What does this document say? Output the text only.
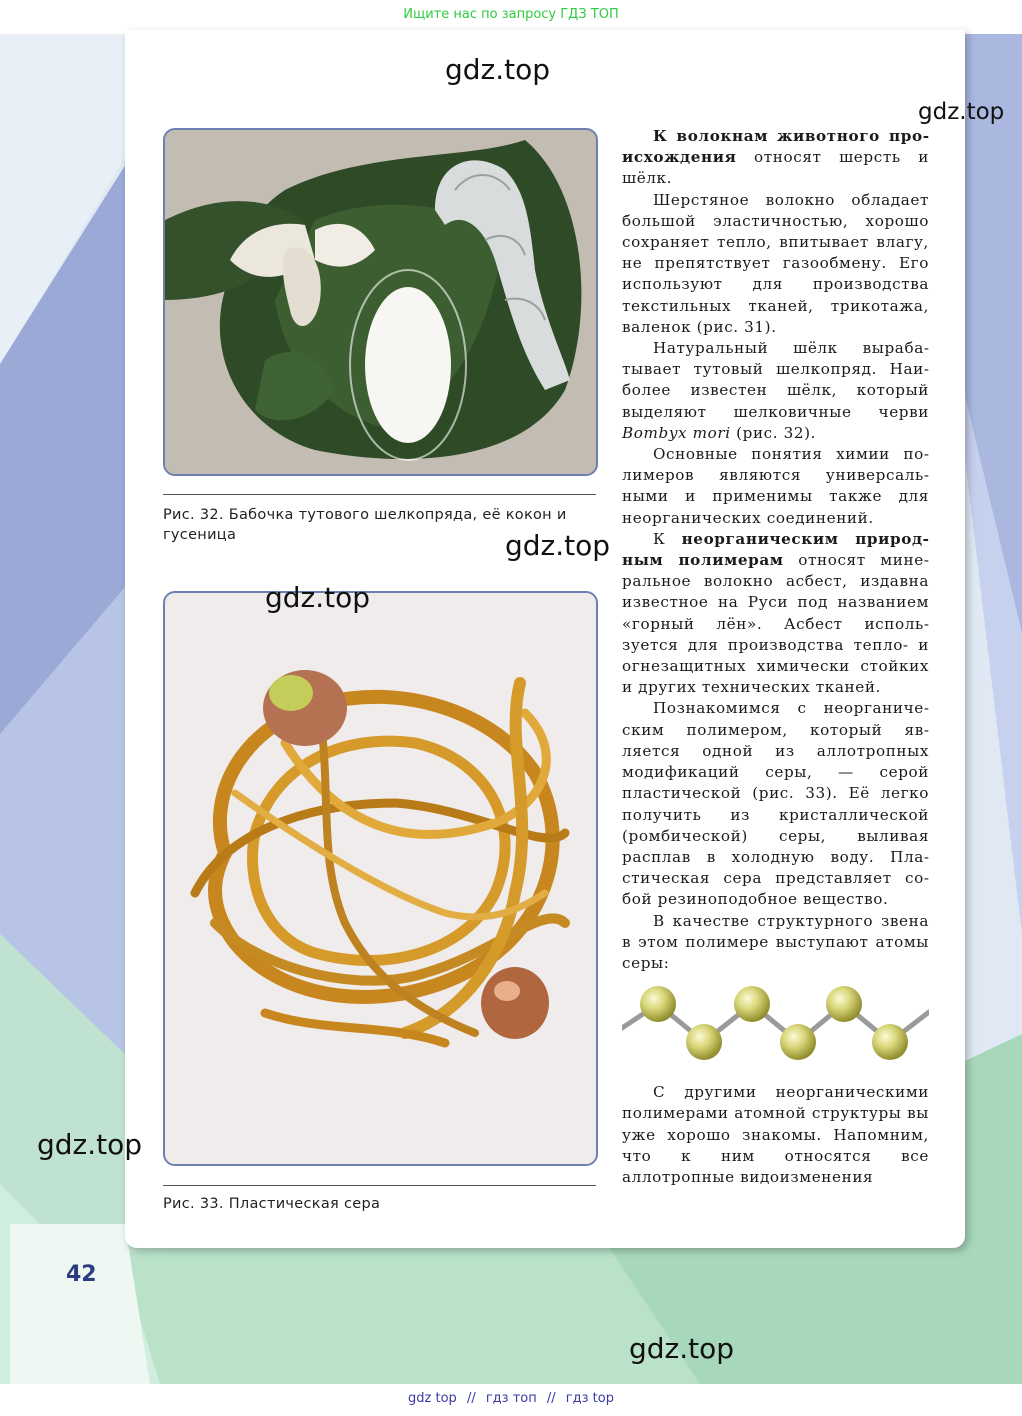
Ищите нас по запросу ГДЗ ТОП
Рис. 32. Бабочка тутового шелкопряда, её кокон и гусеница
Рис. 33. Пластическая сера

К волокнам животного происхождения относят шерсть и шёлк.

Шерстяное волокно обладает большой эластичностью, хорошо сохраняет тепло, впитывает влагу, не препятствует газообмену. Его используют для производства текстильных тканей, трикотажа, валенок (рис. 31).

Натуральный шёлк вырабатывает тутовый шелкопряд. Наиболее известен шёлк, который выделяют шелковичные черви Bombyx mori (рис. 32).

Основные понятия химии полимеров являются универсальными и применимы также для неорганических соединений.

К неорганическим природным полимерам относят минеральное волокно асбест, издавна известное на Руси под названием «горный лён». Асбест используется для производства тепло- и огнезащитных химически стойких и других технических тканей.

Познакомимся с неорганическим полимером, который является одной из аллотропных модификаций серы, — серой пластической (рис. 33). Её легко получить из кристаллической (ромбической) серы, выливая расплав в холодную воду. Пластическая сера представляет собой резиноподобное вещество.

В качестве структурного звена в этом полимере выступают атомы серы:

С другими неорганическими полимерами атомной структуры вы уже хорошо знакомы. Напомним, что к ним относятся все аллотропные видоизменения

gdz.top
gdz.top
gdz.top
gdz.top
gdz.top
gdz.top
42
gdz top // гдз топ // гдз top
